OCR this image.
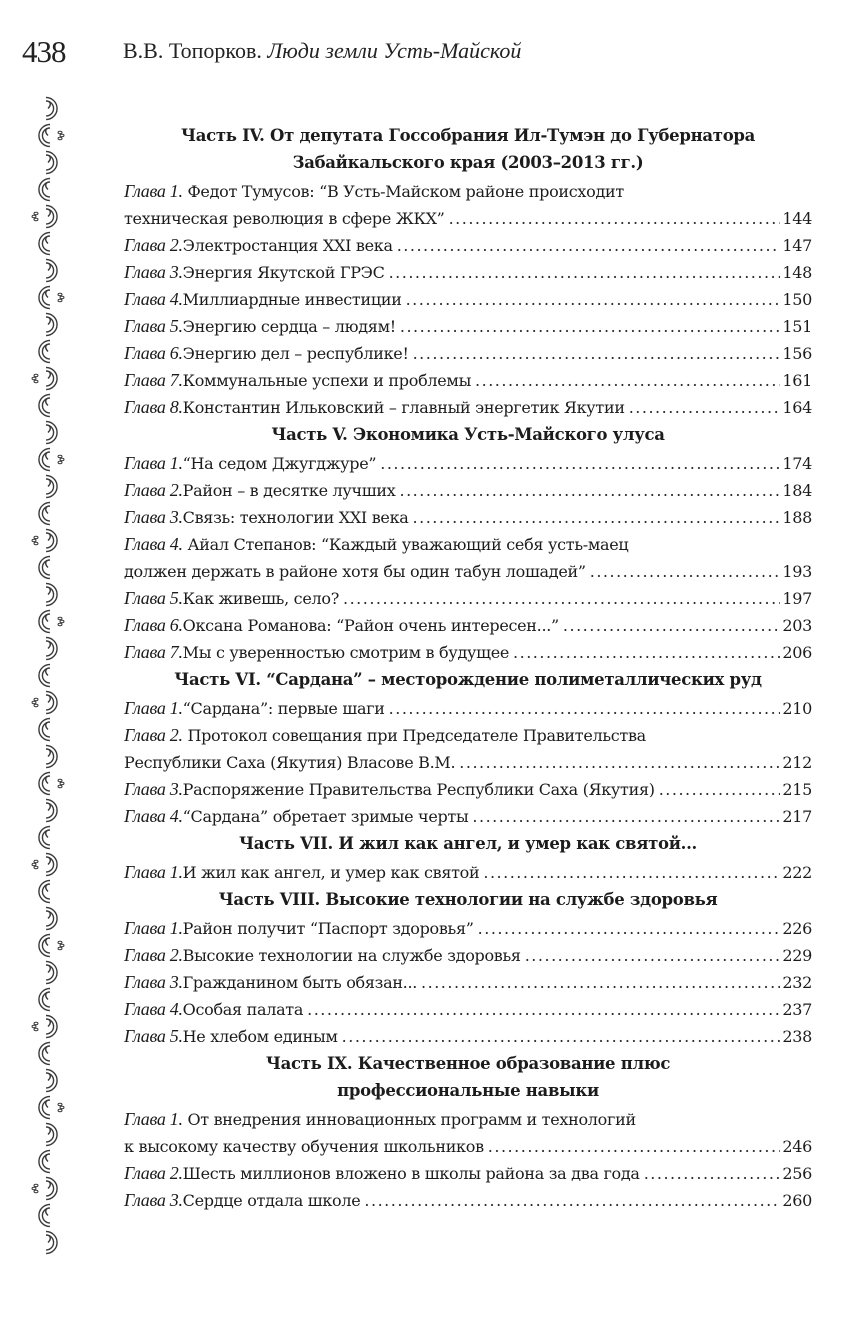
438	В.В. Топорков. Люди земли Усть-Майской
Часть IV. От депутата Госсобрания Ил-Тумэн до Губернатора
Забайкальского края (2003–2013 гг.)
Глава 1. Федот Тумусов: “В Усть-Майском районе происходит
техническая революция в сфере ЖКХ” .....	144
Глава 2. Электростанция XXI века .....	147
Глава 3. Энергия Якутской ГРЭС .....	148
Глава 4. Миллиардные инвестиции .....	150
Глава 5. Энергию сердца – людям! .....	151
Глава 6. Энергию дел – республике! .....	156
Глава 7. Коммунальные успехи и проблемы .....	161
Глава 8. Константин Ильковский – главный энергетик Якутии .....	164
Часть V. Экономика Усть-Майского улуса
Глава 1. “На седом Джугджуре” .....	174
Глава 2. Район – в десятке лучших .....	184
Глава 3. Связь: технологии XXI века .....	188
Глава 4. Айал Степанов: “Каждый уважающий себя усть-маец
должен держать в районе хотя бы один табун лошадей” .....	193
Глава 5. Как живешь, село? .....	197
Глава 6. Оксана Романова: “Район очень интересен...” .....	203
Глава 7. Мы с уверенностью смотрим в будущее .....	206
Часть VI. “Сардана” – месторождение полиметаллических руд
Глава 1. “Сардана”: первые шаги .....	210
Глава 2. Протокол совещания при Председателе Правительства
Республики Саха (Якутия) Власове В.М. .....	212
Глава 3. Распоряжение Правительства Республики Саха (Якутия) .....	215
Глава 4. “Сардана” обретает зримые черты .....	217
Часть VII. И жил как ангел, и умер как святой...
Глава 1. И жил как ангел, и умер как святой .....	222
Часть VIII. Высокие технологии на службе здоровья
Глава 1. Район получит “Паспорт здоровья” .....	226
Глава 2. Высокие технологии на службе здоровья .....	229
Глава 3. Гражданином быть обязан... .....	232
Глава 4. Особая палата .....	237
Глава 5. Не хлебом единым .....	238
Часть IX. Качественное образование плюс
профессиональные навыки
Глава 1. От внедрения инновационных программ и технологий
к высокому качеству обучения школьников .....	246
Глава 2. Шесть миллионов вложено в школы района за два года .....	256
Глава 3. Сердце отдала школе .....	260
